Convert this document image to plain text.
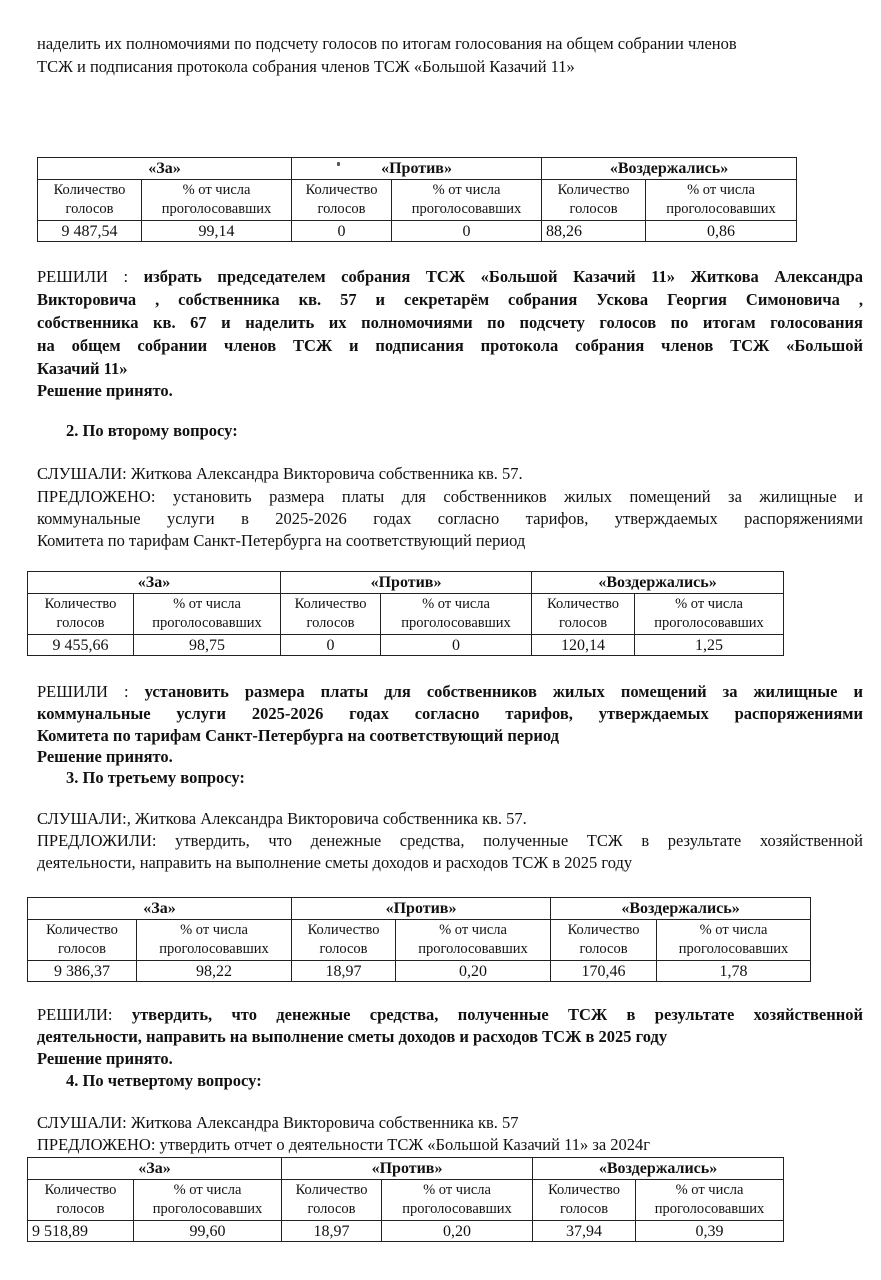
наделить их полномочиями по подсчету голосов по итогам голосования на общем собрании членов
ТСЖ и подписания протокола собрания членов ТСЖ «Большой Казачий 11»
«За»		«Против»		«Воздержались»	
Количество голосов	% от числа проголосовавших	Количество голосов	% от числа проголосовавших	Количество голосов	% от числа проголосовавших
9 487,54	99,14	0	0	88,26	0,86
РЕШИЛИ : избрать председателем собрания ТСЖ «Большой Казачий 11» Житкова Александра
Викторовича , собственника кв. 57 и секретарём собрания Ускова Георгия Симоновича ,
собственника кв. 67 и наделить их полномочиями по подсчету голосов по итогам голосования
на общем собрании членов ТСЖ и подписания протокола собрания членов ТСЖ «Большой
Казачий 11»
Решение принято.
2. По второму вопросу:
СЛУШАЛИ: Житкова Александра Викторовича собственника кв. 57.
ПРЕДЛОЖЕНО: установить размера платы для собственников жилых помещений за жилищные и
коммунальные услуги в 2025-2026 годах согласно тарифов, утверждаемых распоряжениями
Комитета по тарифам Санкт-Петербурга на соответствующий период
«За»		«Против»		«Воздержались»	
Количество голосов	% от числа проголосовавших	Количество голосов	% от числа проголосовавших	Количество голосов	% от числа проголосовавших
9 455,66	98,75	0	0	120,14	1,25
РЕШИЛИ : установить размера платы для собственников жилых помещений за жилищные и
коммунальные услуги 2025-2026 годах согласно тарифов, утверждаемых распоряжениями
Комитета по тарифам Санкт-Петербурга на соответствующий период
Решение принято.
3. По третьему вопросу:
СЛУШАЛИ:, Житкова Александра Викторовича собственника кв. 57.
ПРЕДЛОЖИЛИ: утвердить, что денежные средства, полученные ТСЖ в результате хозяйственной
деятельности, направить на выполнение сметы доходов и расходов ТСЖ в 2025 году
«За»		«Против»		«Воздержались»	
Количество голосов	% от числа проголосовавших	Количество голосов	% от числа проголосовавших	Количество голосов	% от числа проголосовавших
9 386,37	98,22	18,97	0,20	170,46	1,78
РЕШИЛИ: утвердить, что денежные средства, полученные ТСЖ в результате хозяйственной
деятельности, направить на выполнение сметы доходов и расходов ТСЖ в 2025 году
Решение принято.
4. По четвертому вопросу:
СЛУШАЛИ: Житкова Александра Викторовича собственника кв. 57
ПРЕДЛОЖЕНО: утвердить отчет о деятельности ТСЖ «Большой Казачий 11» за 2024г
«За»		«Против»		«Воздержались»	
Количество голосов	% от числа проголосовавших	Количество голосов	% от числа проголосовавших	Количество голосов	% от числа проголосовавших
9 518,89	99,60	18,97	0,20	37,94	0,39
